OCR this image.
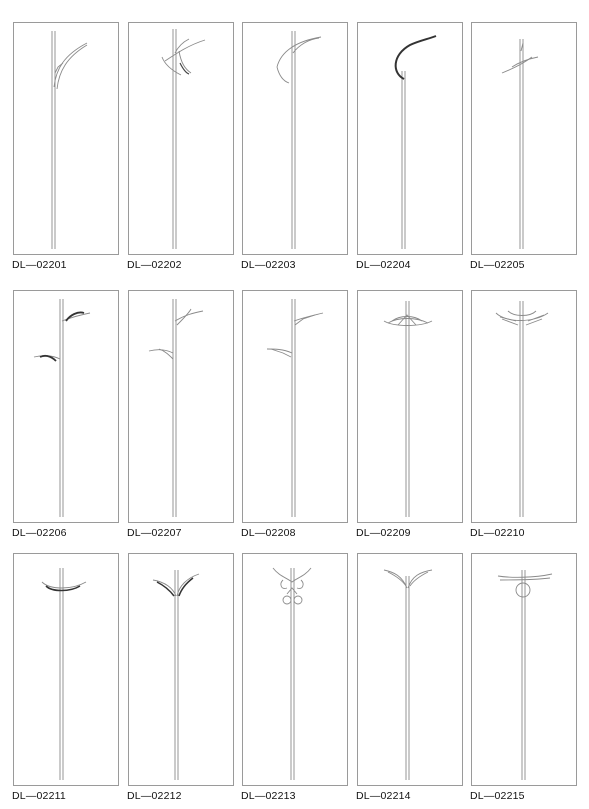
DL—02201	DL—02202	DL—02203	DL—02204	DL—02205
DL—02206	DL—02207	DL—02208	DL—02209	DL—02210
DL—02211	DL—02212	DL—02213	DL—02214	DL—02215
